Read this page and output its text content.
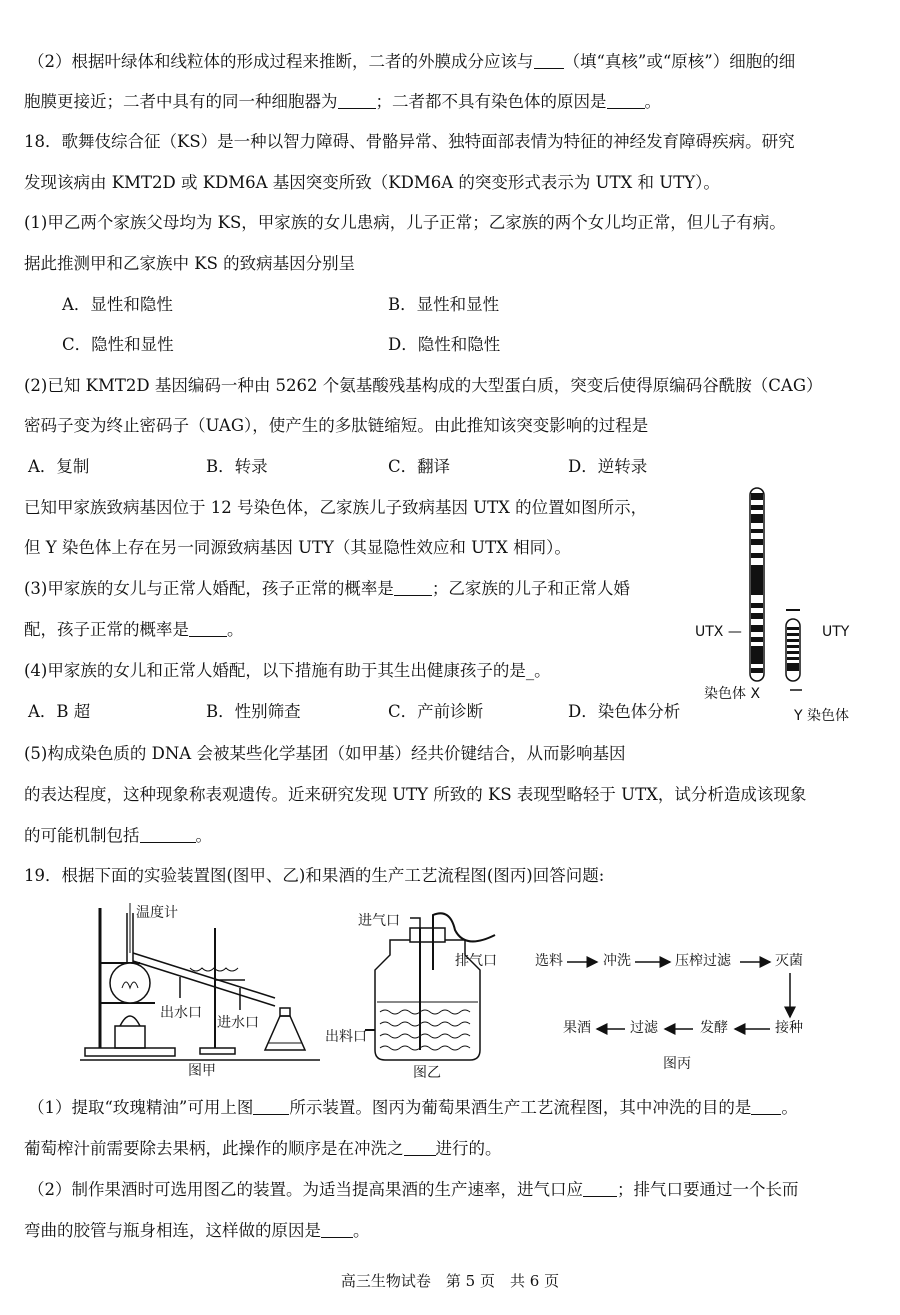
（2）根据叶绿体和线粒体的形成过程来推断，二者的外膜成分应该与 （填“真核”或“原核”）细胞的细
胞膜更接近；二者中具有的同一种细胞器为 ；二者都不具有染色体的原因是 。
18．歌舞伎综合征（KS）是一种以智力障碍、骨骼异常、独特面部表情为特征的神经发育障碍疾病。研究
发现该病由 KMT2D 或 KDM6A 基因突变所致（KDM6A 的突变形式表示为 UTX 和 UTY）。
(1)甲乙两个家族父母均为 KS，甲家族的女儿患病，儿子正常；乙家族的两个女儿均正常，但儿子有病。
据此推测甲和乙家族中 KS 的致病基因分别呈
A．显性和隐性	B．显性和显性
C．隐性和显性	D．隐性和隐性
(2)已知 KMT2D 基因编码一种由 5262 个氨基酸残基构成的大型蛋白质，突变后使得原编码谷酰胺（CAG）
密码子变为终止密码子（UAG），使产生的多肽链缩短。由此推知该突变影响的过程是
A．复制	B．转录	C．翻译	D．逆转录
已知甲家族致病基因位于 12 号染色体，乙家族儿子致病基因 UTX 的位置如图所示，
但 Y 染色体上存在另一同源致病基因 UTY（其显隐性效应和 UTX 相同）。
(3)甲家族的女儿与正常人婚配，孩子正常的概率是 ；乙家族的儿子和正常人婚
配，孩子正常的概率是 。
(4)甲家族的女儿和正常人婚配，以下措施有助于其生出健康孩子的是_。
A．B 超	B．性别筛查	C．产前诊断	D．染色体分析
(5)构成染色质的 DNA 会被某些化学基团（如甲基）经共价键结合，从而影响基因
的表达程度，这种现象称表观遗传。近来研究发现 UTY 所致的 KS 表现型略轻于 UTX，试分析造成该现象
的可能机制包括	。
UTX —	UTY
染色体 X
Y 染色体
19．根据下面的实验装置图(图甲、乙)和果酒的生产工艺流程图(图丙)回答问题:
温度计
出水口
进水口
图甲
进气口
排气口
出料口
图乙
选料	冲洗	压榨过滤	灭菌
果酒	过滤	发酵	接种
图丙
（1）提取“玫瑰精油”可用上图 所示装置。图丙为葡萄果酒生产工艺流程图，其中冲洗的目的是 。
葡萄榨汁前需要除去果柄，此操作的顺序是在冲洗之 进行的。
（2）制作果酒时可选用图乙的装置。为适当提高果酒的生产速率，进气口应 ；排气口要通过一个长而
弯曲的胶管与瓶身相连，这样做的原因是 。
高三生物试卷　第 5 页　共 6 页
